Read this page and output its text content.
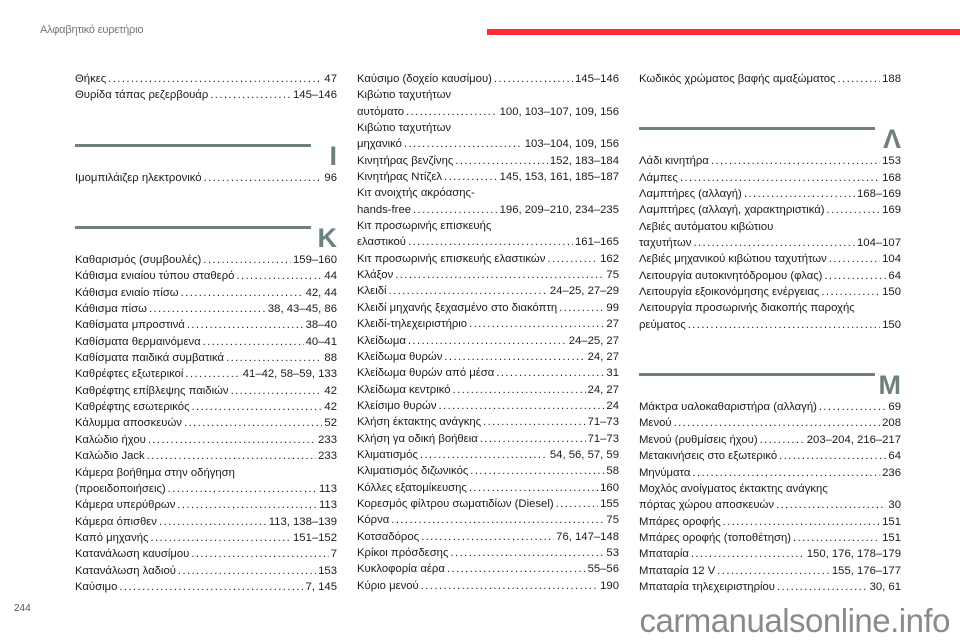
Αλφαβητικό ευρετήριο
Θήκες .....	47
Θυρίδα τάπας ρεζερβουάρ .....	145–146
Ι
Ιμομπιλάιζερ ηλεκτρονικό .....	96
Κ
Καθαρισμός (συμβουλές) .....	159–160
Κάθισμα ενιαίου τύπου σταθερό .....	44
Κάθισμα ενιαίο πίσω .....	42, 44
Κάθισμα πίσω .....	38, 43–45, 86
Καθίσματα μπροστινά .....	38–40
Καθίσματα θερμαινόμενα .....	40–41
Καθίσματα παιδικά συμβατικά .....	88
Καθρέφτες εξωτερικοί .....	41–42, 58–59, 133
Καθρέφτης επίβλεψης παιδιών .....	42
Καθρέφτης εσωτερικός .....	42
Κάλυμμα αποσκευών .....	52
Καλώδιο ήχου .....	233
Καλώδιο Jack .....	233
Κάμερα βοήθημα στην οδήγηση
(προειδοποιήσεις) .....	113
Κάμερα υπερύθρων .....	113
Κάμερα όπισθεν .....	113, 138–139
Καπό μηχανής .....	151–152
Κατανάλωση καυσίμου .....	7
Κατανάλωση λαδιού .....	153
Καύσιμο .....	7, 145
Καύσιμο (δοχείο καυσίμου) .....	145–146
Κιβώτιο ταχυτήτων
αυτόματο .....	100, 103–107, 109, 156
Κιβώτιο ταχυτήτων
μηχανικό .....	103–104, 109, 156
Κινητήρας βενζίνης .....	152, 183–184
Κινητήρας Ντίζελ .....	145, 153, 161, 185–187
Κιτ ανοιχτής ακρόασης-
hands-free .....	196, 209–210, 234–235
Κιτ προσωρινής επισκευής
ελαστικού .....	161–165
Κιτ προσωρινής επισκευής ελαστικών .....	162
Κλάξον .....	75
Κλειδί .....	24–25, 27–29
Κλειδί μηχανής ξεχασμένο στο διακόπτη .....	99
Κλειδί-τηλεχειριστήριο .....	27
Κλείδωμα .....	24–25, 27
Κλείδωμα θυρών .....	24, 27
Κλείδωμα θυρών από μέσα .....	31
Κλείδωμα κεντρικό .....	24, 27
Κλείσιμο θυρών .....	24
Κλήση έκτακτης ανάγκης .....	71–73
Κλήση γα οδική βοήθεια .....	71–73
Κλιματισμός .....	54, 56, 57, 59
Κλιματισμός διζωνικός .....	58
Κόλλες εξατομίκευσης .....	160
Κορεσμός φίλτρου σωματιδίων (Diesel) .....	155
Κόρνα .....	75
Κοτσαδόρος .....	76, 147–148
Κρίκοι πρόσδεσης .....	53
Κυκλοφορία αέρα .....	55–56
Κύριο μενού .....	190
Κωδικός χρώματος βαφής αμαξώματος .....	188
Λ
Λάδι κινητήρα .....	153
Λάμπες .....	168
Λαμπτήρες (αλλαγή) .....	168–169
Λαμπτήρες (αλλαγή, χαρακτηριστικά) .....	169
Λεβιές αυτόματου κιβώτιου
ταχυτήτων .....	104–107
Λεβιές μηχανικού κιβώτιου ταχυτήτων .....	104
Λειτουργία αυτοκινητόδρομου (φλας) .....	64
Λειτουργία εξοικονόμησης ενέργειας .....	150
Λειτουργία προσωρινής διακοπής παροχής
ρεύματος .....	150
Μ
Μάκτρα υαλοκαθαριστήρα (αλλαγή) .....	69
Μενού .....	208
Μενού (ρυθμίσεις ήχου) .....	203–204, 216–217
Μετακινήσεις στο εξωτερικό .....	64
Μηνύματα .....	236
Μοχλός ανοίγματος έκτακτης ανάγκης
πόρτας χώρου αποσκευών .....	30
Μπάρες οροφής .....	151
Μπάρες οροφής (τοποθέτηση) .....	151
Μπαταρία .....	150, 176, 178–179
Μπαταρία 12 V .....	155, 176–177
Μπαταρία τηλεχειριστηρίου .....	30, 61
244	carmanualsonline.info
